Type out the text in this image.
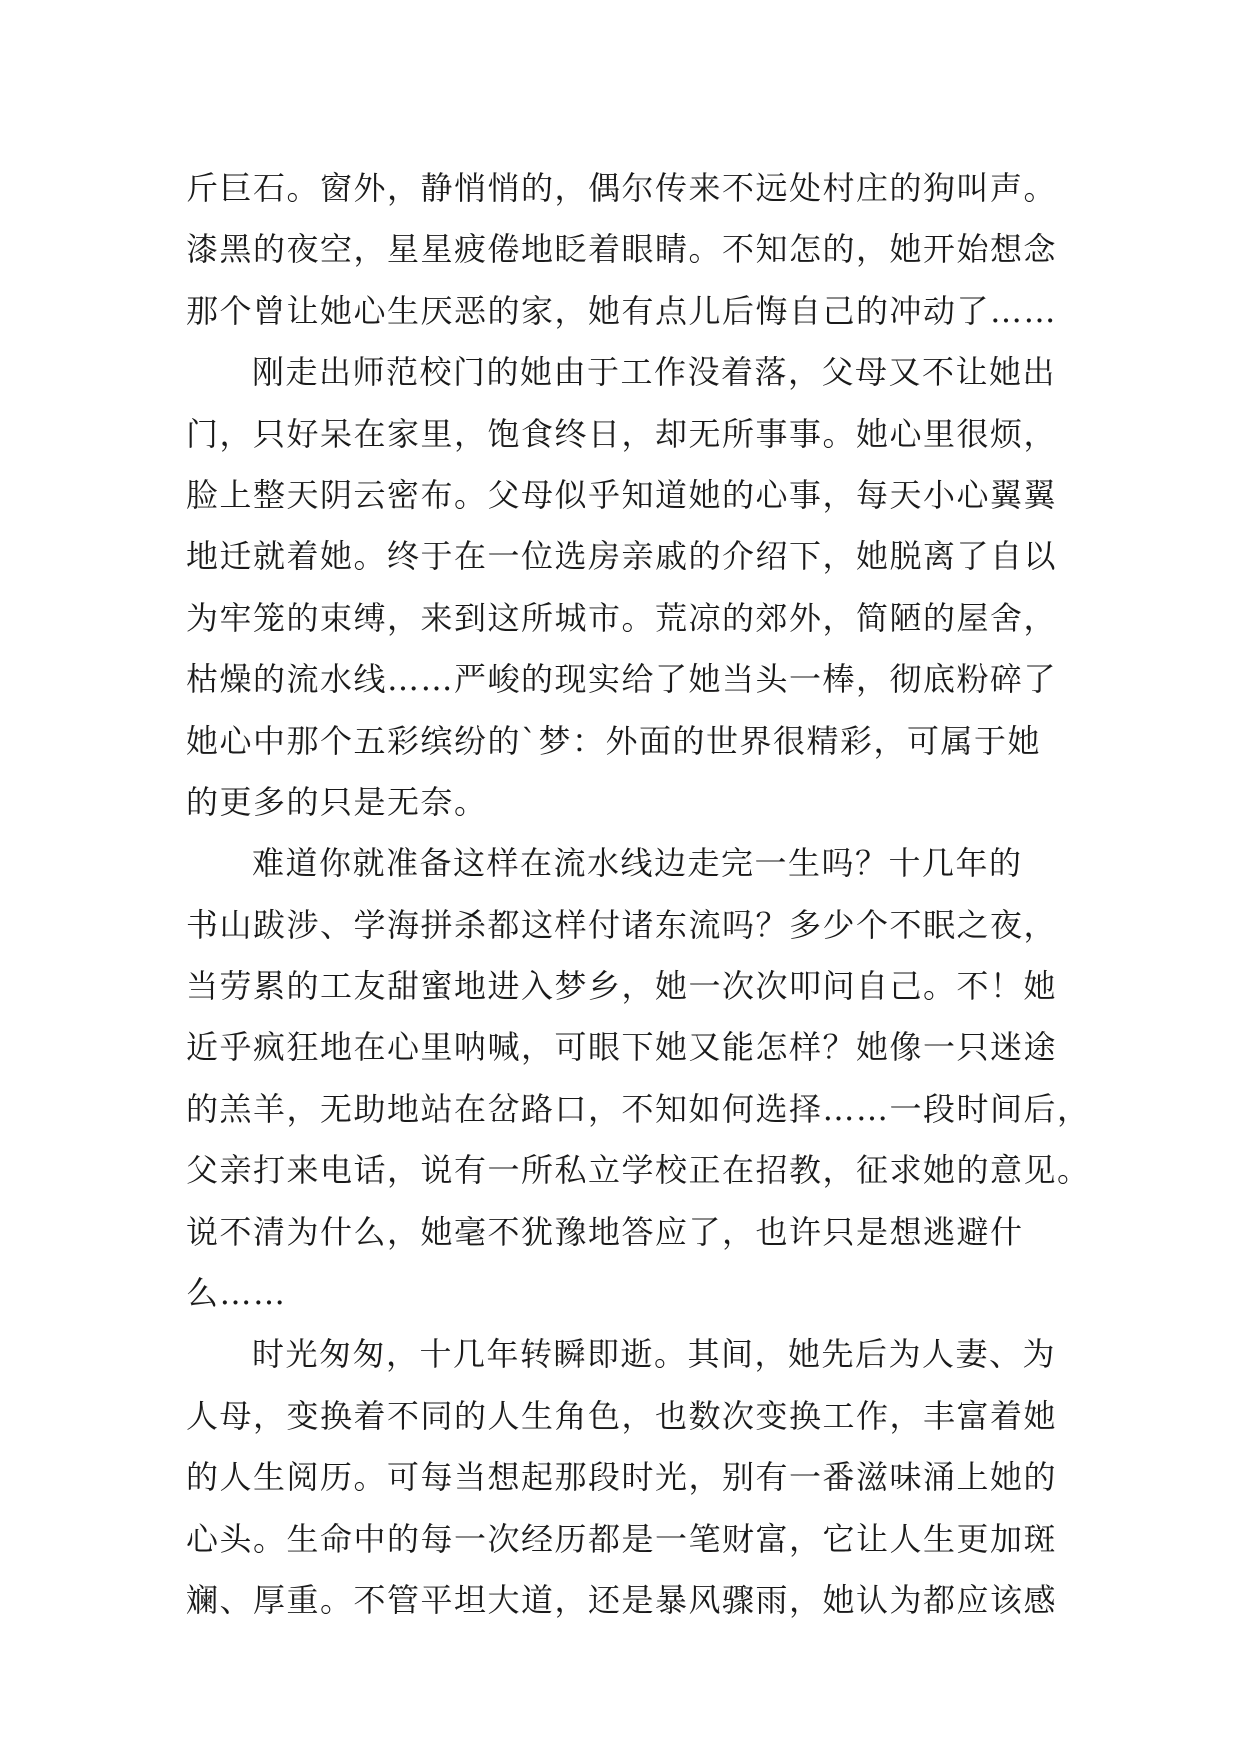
斤巨石。窗外，静悄悄的，偶尔传来不远处村庄的狗叫声。
漆黑的夜空，星星疲倦地眨着眼睛。不知怎的，她开始想念
那个曾让她心生厌恶的家，她有点儿后悔自己的冲动了……
刚走出师范校门的她由于工作没着落，父母又不让她出
门，只好呆在家里，饱食终日，却无所事事。她心里很烦，
脸上整天阴云密布。父母似乎知道她的心事，每天小心翼翼
地迁就着她。终于在一位选房亲戚的介绍下，她脱离了自以
为牢笼的束缚，来到这所城市。荒凉的郊外，简陋的屋舍，
枯燥的流水线……严峻的现实给了她当头一棒，彻底粉碎了
她心中那个五彩缤纷的`梦：外面的世界很精彩，可属于她
的更多的只是无奈。
难道你就准备这样在流水线边走完一生吗？十几年的
书山跋涉、学海拼杀都这样付诸东流吗？多少个不眠之夜，
当劳累的工友甜蜜地进入梦乡，她一次次叩问自己。不！她
近乎疯狂地在心里呐喊，可眼下她又能怎样？她像一只迷途
的羔羊，无助地站在岔路口，不知如何选择……一段时间后，
父亲打来电话，说有一所私立学校正在招教，征求她的意见。
说不清为什么，她毫不犹豫地答应了，也许只是想逃避什
么……
时光匆匆，十几年转瞬即逝。其间，她先后为人妻、为
人母，变换着不同的人生角色，也数次变换工作，丰富着她
的人生阅历。可每当想起那段时光，别有一番滋味涌上她的
心头。生命中的每一次经历都是一笔财富，它让人生更加斑
斓、厚重。不管平坦大道，还是暴风骤雨，她认为都应该感
